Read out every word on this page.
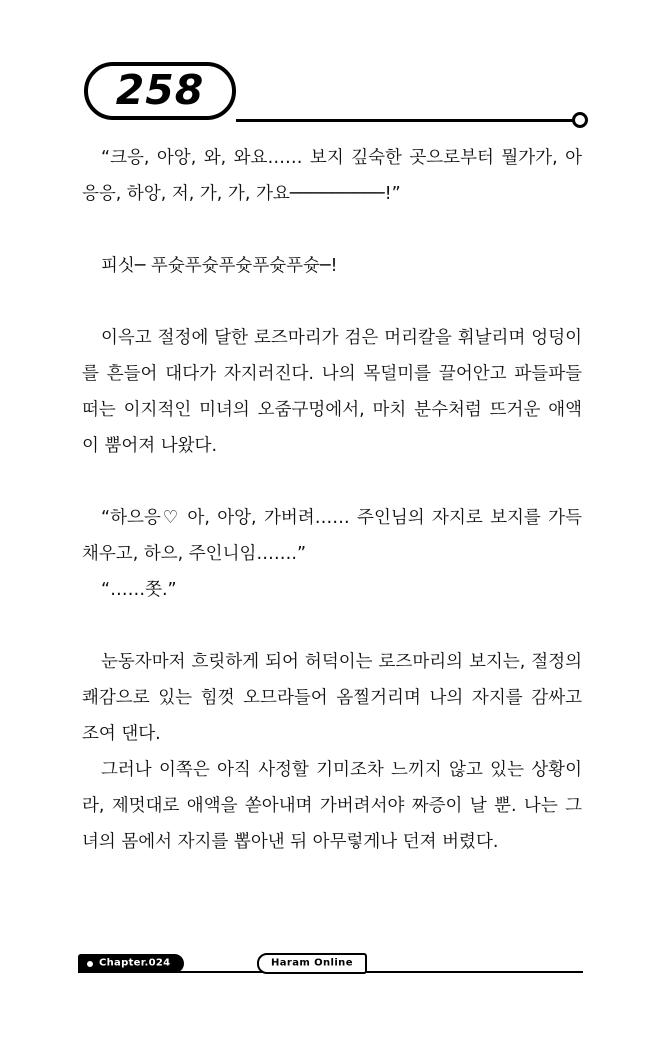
258

“크응, 아앙, 와, 와요…… 보지 깊숙한 곳으로부터 뭘가가, 아응응, 하앙, 저, 가, 가, 가요─────────!”

피싯─ 푸슛푸슛푸슛푸슛푸슛─!

이윽고 절정에 달한 로즈마리가 검은 머리칼을 휘날리며 엉덩이를 흔들어 대다가 자지러진다. 나의 목덜미를 끌어안고 파들파들 떠는 이지적인 미녀의 오줌구멍에서, 마치 분수처럼 뜨거운 애액이 뿜어져 나왔다.

“하으응♡ 아, 아앙, 가버려…… 주인님의 자지로 보지를 가득 채우고, 하으, 주인니임…….”

“……쫏.”

눈동자마저 흐릿하게 되어 허덕이는 로즈마리의 보지는, 절정의 쾌감으로 있는 힘껏 오므라들어 옴찔거리며 나의 자지를 감싸고 조여 댄다.

그러나 이쪽은 아직 사정할 기미조차 느끼지 않고 있는 상황이라, 제멋대로 애액을 쏟아내며 가버려서야 짜증이 날 뿐. 나는 그녀의 몸에서 자지를 뽑아낸 뒤 아무렇게나 던져 버렸다.

Chapter.024	Haram Online
